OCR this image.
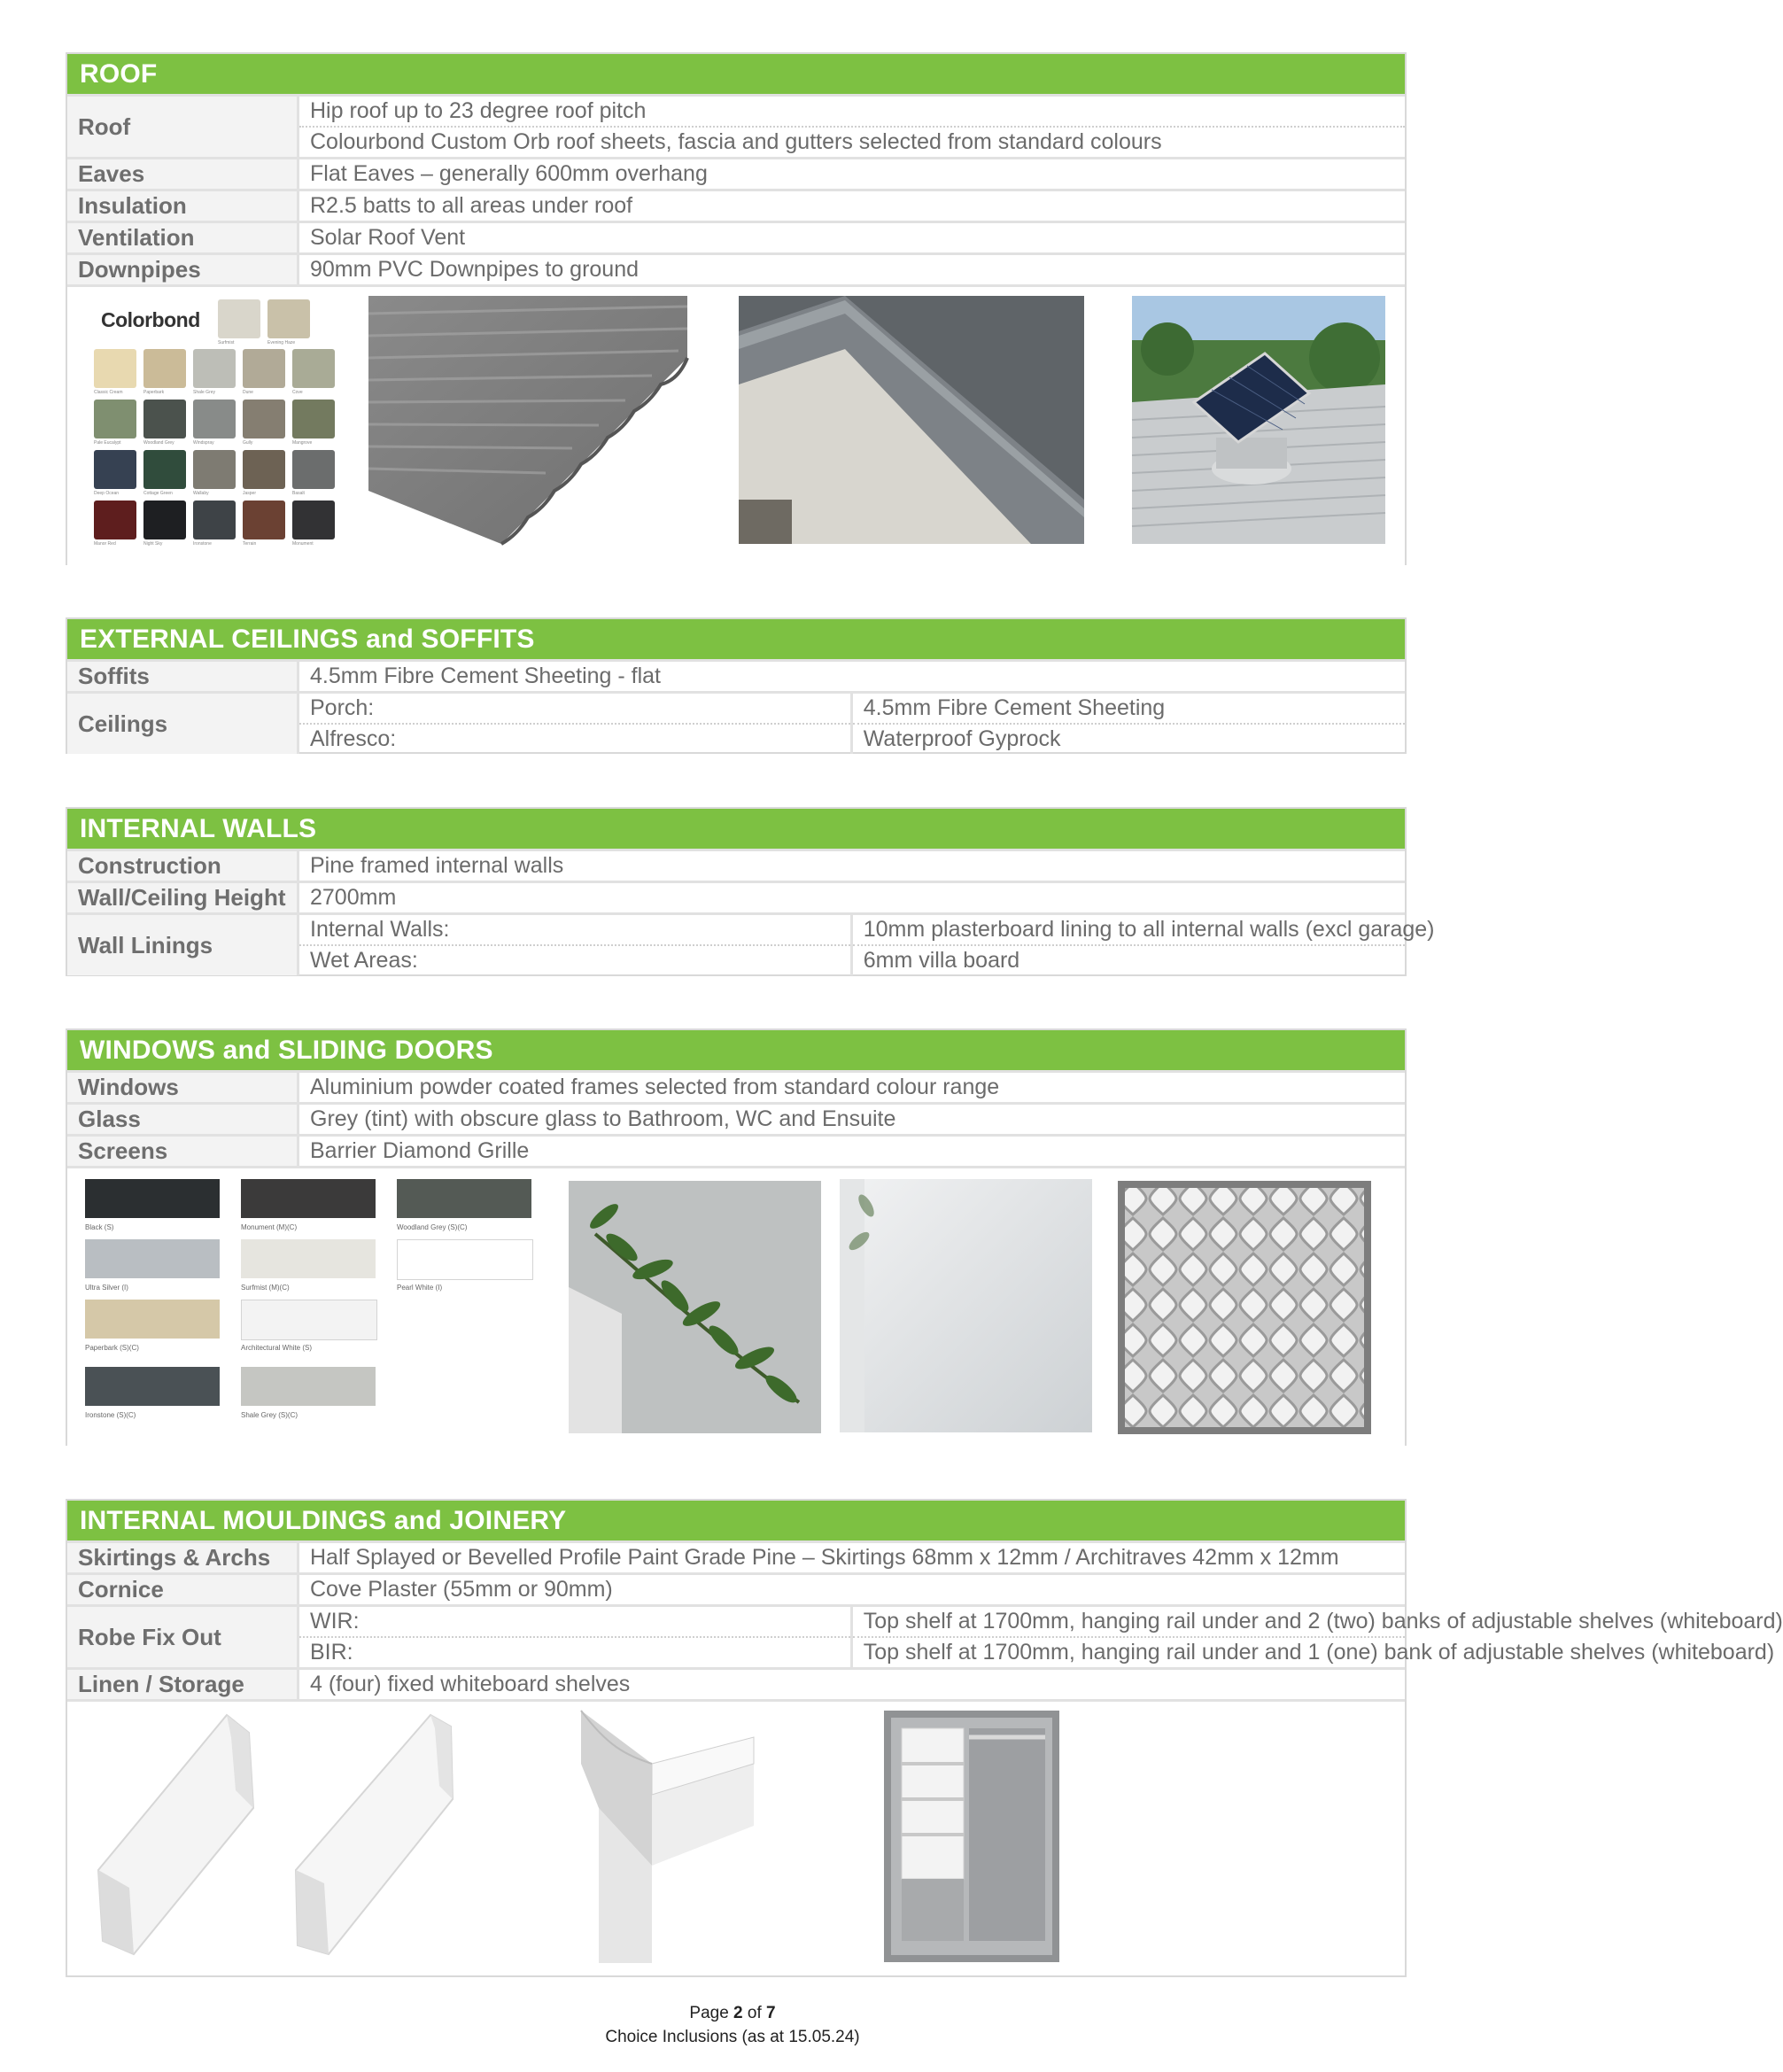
ROOF
Roof	Hip roof up to 23 degree roof pitch
	Colourbond Custom Orb roof sheets, fascia and gutters selected from standard colours
Eaves	Flat Eaves – generally 600mm overhang
Insulation	R2.5 batts to all areas under roof
Ventilation	Solar Roof Vent
Downpipes	90mm PVC Downpipes to ground
Colorbond
Surfmist	Evening Haze
Classic Cream	Paperbark	Shale Grey	Dune	Cove
Pale Eucalypt	Woodland Grey	Windspray	Gully	Mangrove
Deep Ocean	Cottage Green	Wallaby	Jasper	Basalt
Manor Red	Night Sky	Ironstone	Terrain	Monument
EXTERNAL CEILINGS and SOFFITS
Soffits	4.5mm Fibre Cement Sheeting - flat	
Ceilings	Porch:	4.5mm Fibre Cement Sheeting
	Alfresco:	Waterproof Gyprock
INTERNAL WALLS
Construction	Pine framed internal walls	
Wall/Ceiling Height	2700mm	
Wall Linings	Internal Walls:	10mm plasterboard lining to all internal walls (excl garage)
	Wet Areas:	6mm villa board
WINDOWS and SLIDING DOORS
Windows	Aluminium powder coated frames selected from standard colour range
Glass	Grey (tint) with obscure glass to Bathroom, WC and Ensuite
Screens	Barrier Diamond Grille
Black (S)	Monument (M)(C)	Woodland Grey (S)(C)
Ultra Silver (I)	Surfmist (M)(C)	Pearl White (I)
Paperbark (S)(C)	Architectural White (S)
Ironstone (S)(C)	Shale Grey (S)(C)
INTERNAL MOULDINGS and JOINERY
Skirtings & Archs	Half Splayed or Bevelled Profile Paint Grade Pine – Skirtings 68mm x 12mm / Architraves 42mm x 12mm	
Cornice	Cove Plaster (55mm or 90mm)	
Robe Fix Out	WIR:	Top shelf at 1700mm, hanging rail under and 2 (two) banks of adjustable shelves (whiteboard)
	BIR:	Top shelf at 1700mm, hanging rail under and 1 (one) bank of adjustable shelves (whiteboard)
Linen / Storage	4 (four) fixed whiteboard shelves	
Page 2 of 7
Choice Inclusions (as at 15.05.24)
